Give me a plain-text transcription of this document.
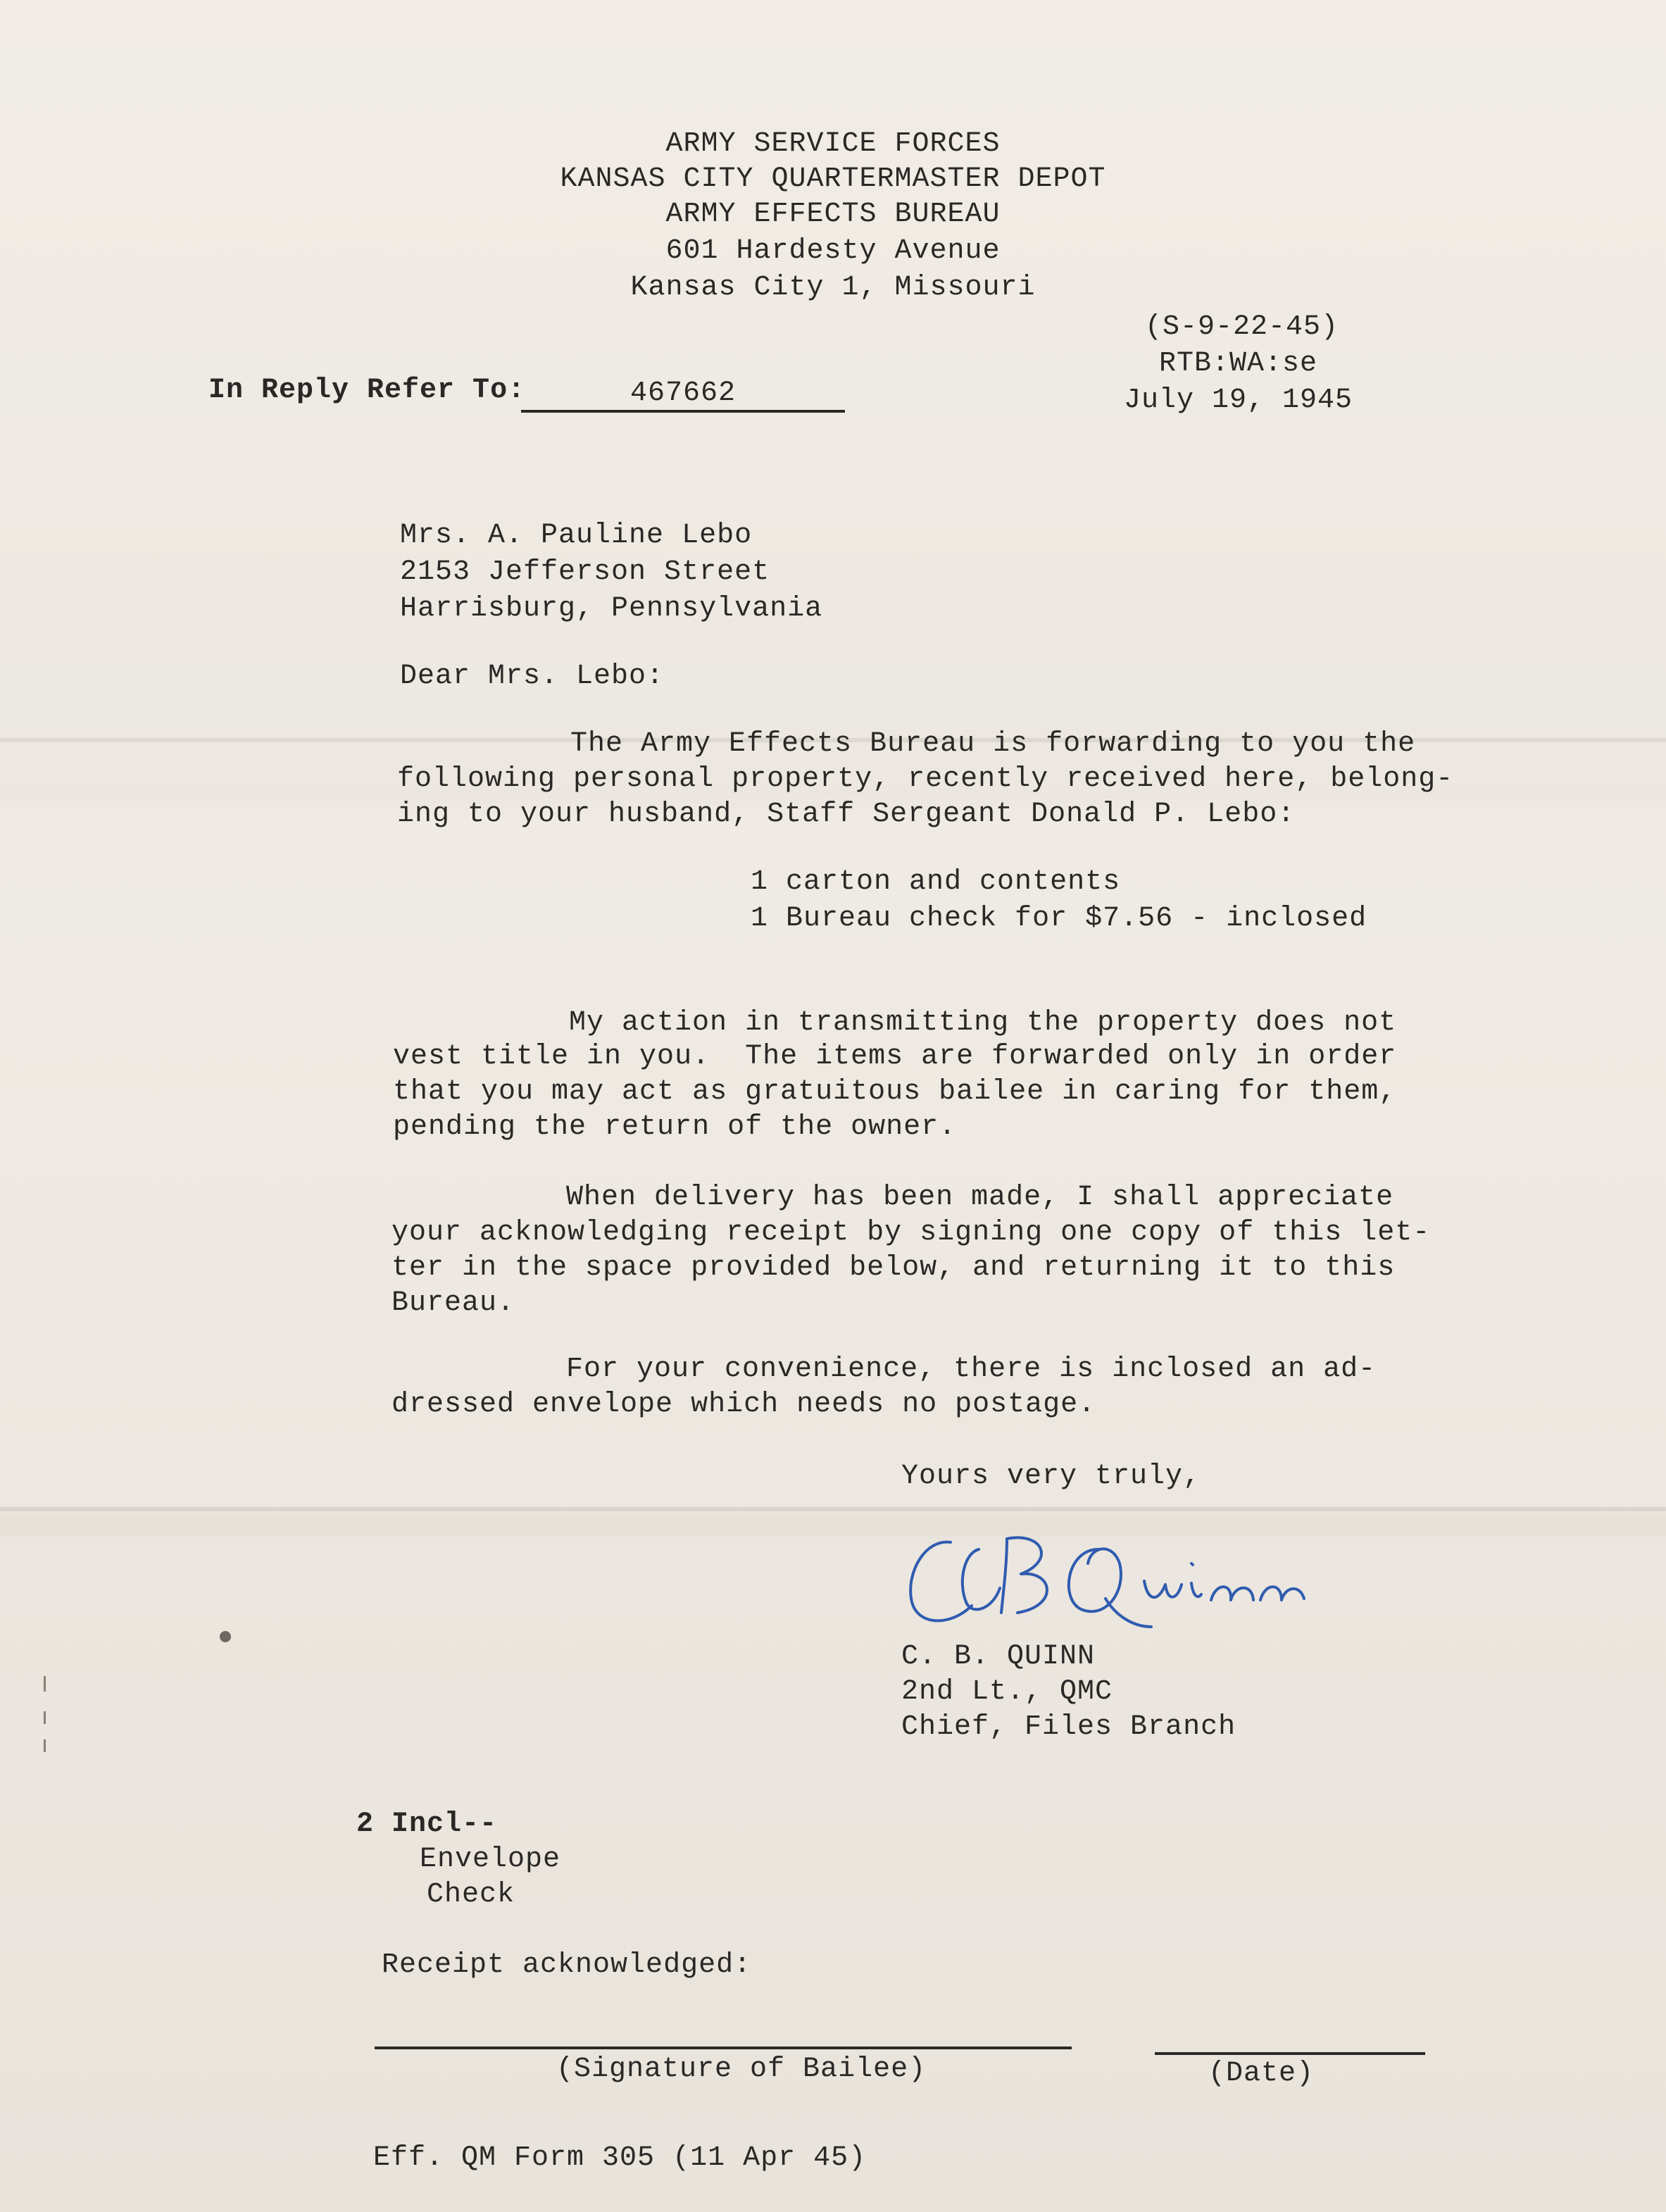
ARMY SERVICE FORCES
KANSAS CITY QUARTERMASTER DEPOT
ARMY EFFECTS BUREAU
601 Hardesty Avenue
Kansas City 1, Missouri
In Reply Refer To:	467662
(S-9-22-45)
RTB:WA:se
July 19, 1945
Mrs. A. Pauline Lebo
2153 Jefferson Street
Harrisburg, Pennsylvania
Dear Mrs. Lebo:
The Army Effects Bureau is forwarding to you the
following personal property, recently received here, belong-
ing to your husband, Staff Sergeant Donald P. Lebo:
1 carton and contents
1 Bureau check for $7.56 - inclosed
My action in transmitting the property does not
vest title in you.  The items are forwarded only in order
that you may act as gratuitous bailee in caring for them,
pending the return of the owner.
When delivery has been made, I shall appreciate
your acknowledging receipt by signing one copy of this let-
ter in the space provided below, and returning it to this
Bureau.
For your convenience, there is inclosed an ad-
dressed envelope which needs no postage.
Yours very truly,
C. B. QUINN
2nd Lt., QMC
Chief, Files Branch
2 Incl--
Envelope
Check
Receipt acknowledged:
(Signature of Bailee)	(Date)
Eff. QM Form 305 (11 Apr 45)
